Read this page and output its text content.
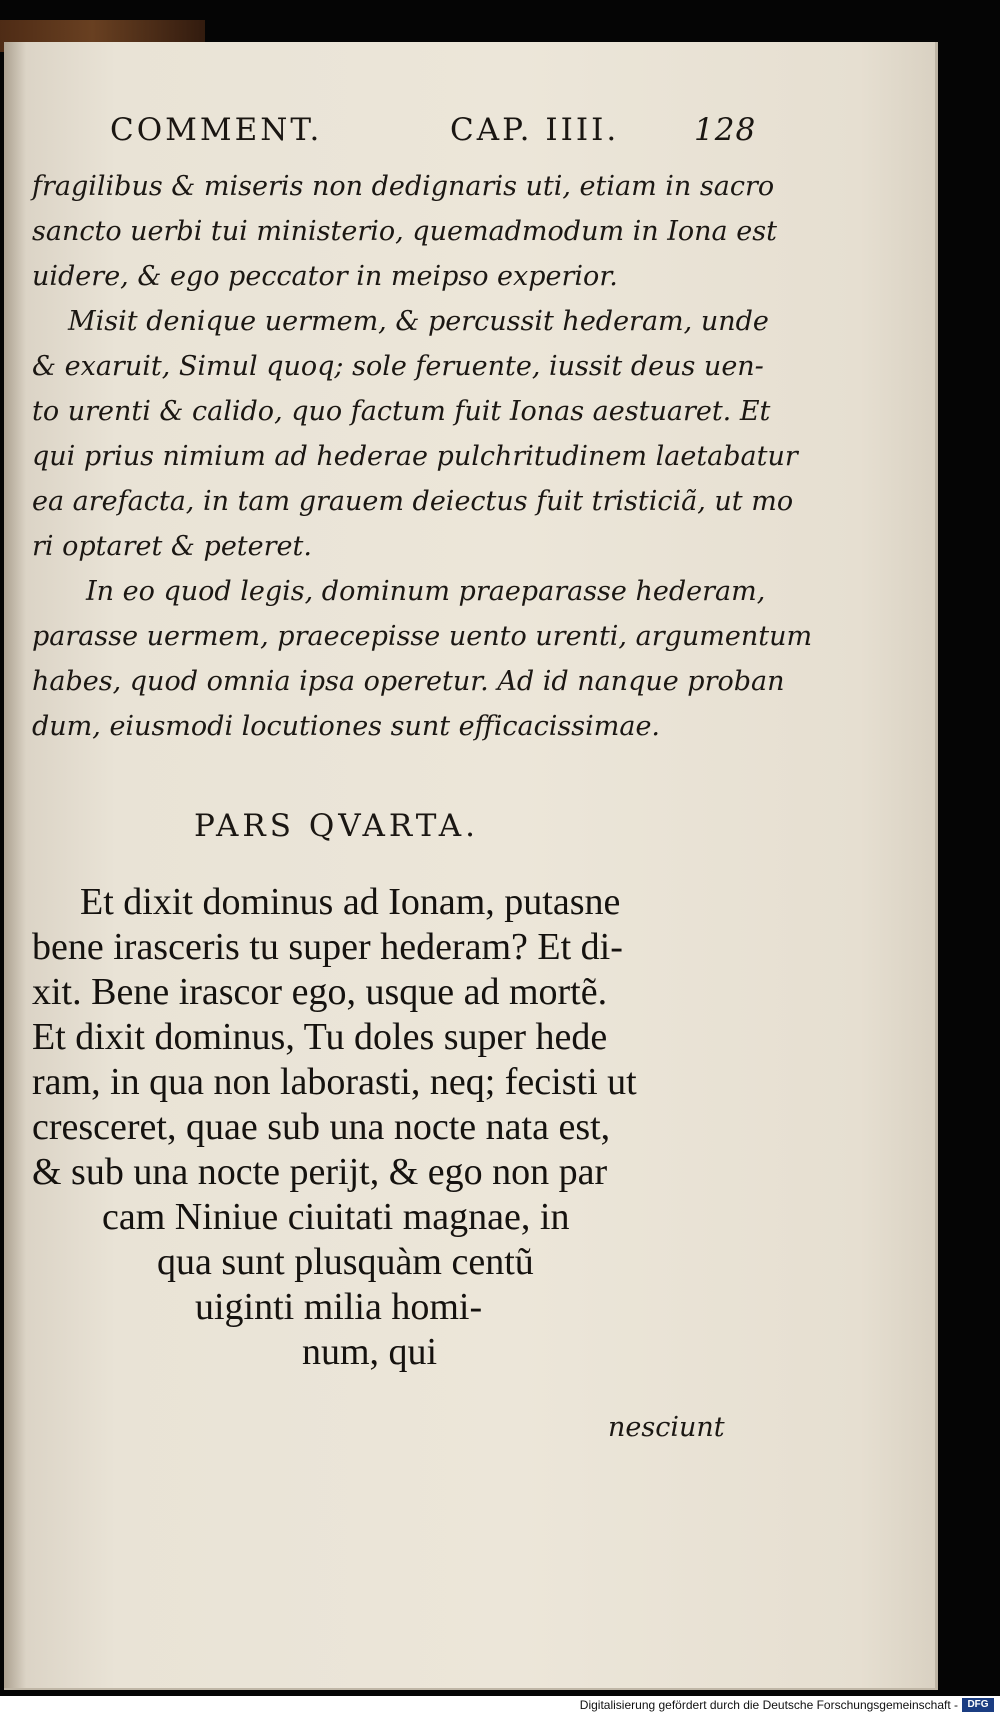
COMMENT.	CAP. IIII. 128
fragilibus & miseris non dedignaris uti, etiam in sacro
sancto uerbi tui ministerio, quemadmodum in Iona est
uidere, & ego peccator in meipso experior.
Misit denique uermem, & percussit hederam, unde
& exaruit, Simul quoq; sole feruente, iussit deus uen-
to urenti & calido, quo factum fuit Ionas aestuaret. Et
qui prius nimium ad hederae pulchritudinem laetabatur
ea arefacta, in tam grauem deiectus fuit tristiciã, ut mo
ri optaret & peteret.
In eo quod legis, dominum praeparasse hederam,
parasse uermem, praecepisse uento urenti, argumentum
habes, quod omnia ipsa operetur. Ad id nanque proban
dum, eiusmodi locutiones sunt efficacissimae.
PARS QVARTA.
Et dixit dominus ad Ionam, putasne
bene irasceris tu super hederam? Et di-
xit. Bene irascor ego, usque ad mortẽ.
Et dixit dominus, Tu doles super hede
ram, in qua non laborasti, neq; fecisti ut
cresceret, quae sub una nocte nata est,
& sub una nocte perijt, & ego non par
cam Niniue ciuitati magnae, in
qua sunt plusquàm centũ
uiginti milia homi-
num, qui
nesciunt
Digitalisierung gefördert durch die Deutsche Forschungsgemeinschaft - DFG
